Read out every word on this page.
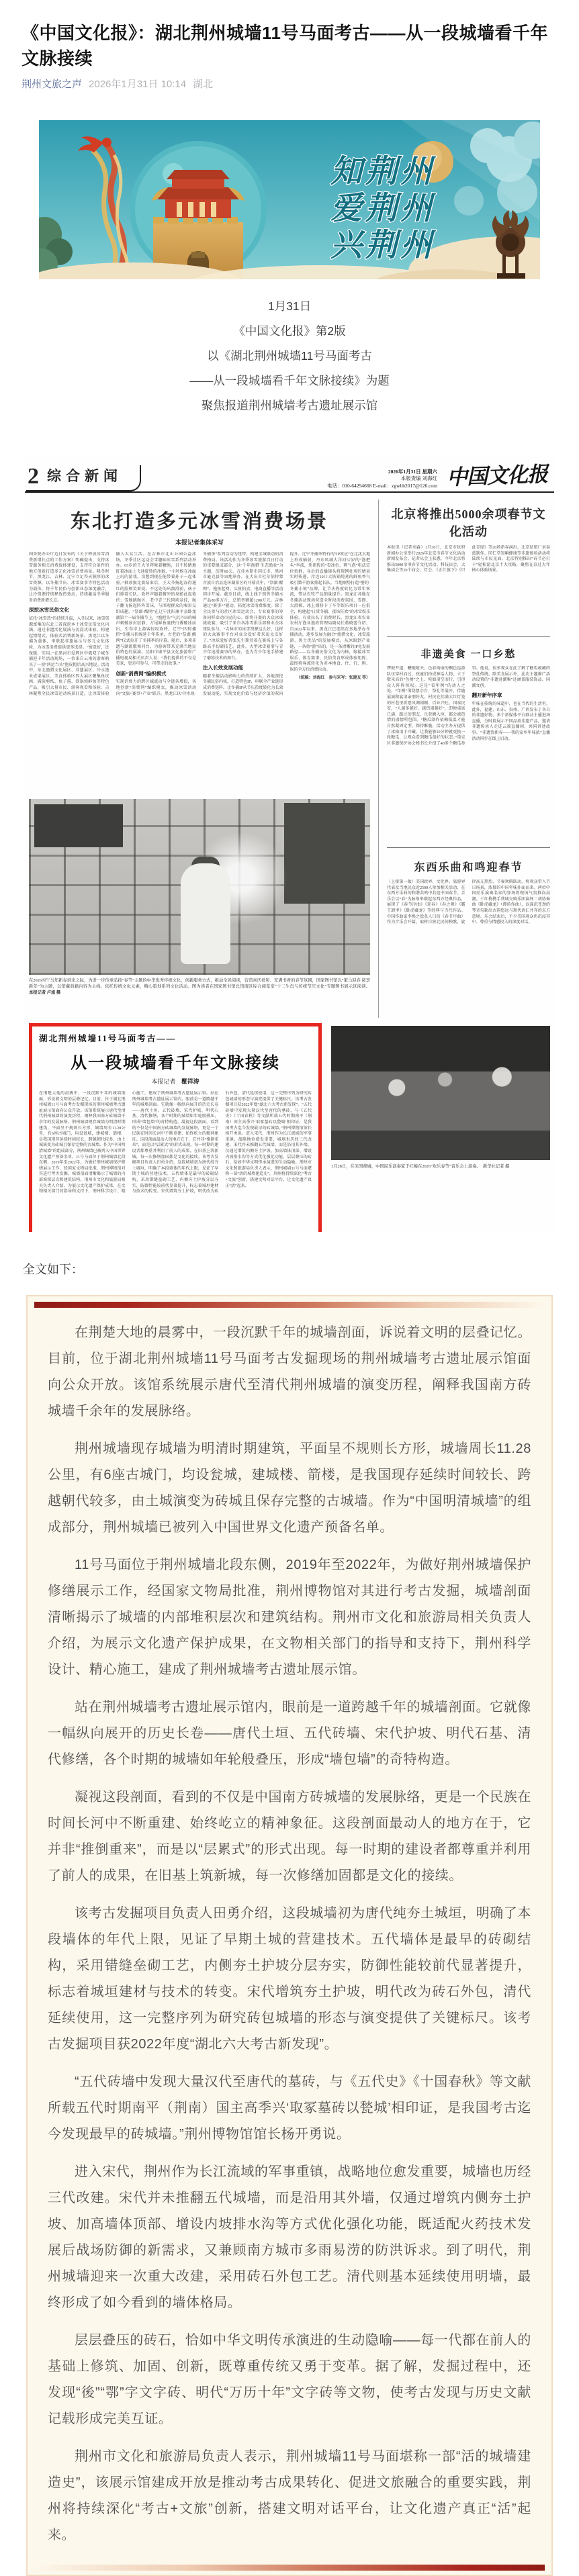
《中国文化报》：湖北荆州城墙11号马面考古——从一段城墙看千年文脉接续
荆州文旅之声 2026年1月31日 10:14 湖北
知荆州
爱荆州
兴荆州
1月31日
《中国文化报》第2版
以《湖北荆州城墙11号马面考古
——从一段城墙看千年文脉接续》为题
聚焦报道荆州城墙考古遗址展示馆
2 综合新闻	2026年1月31日 星期六
本版责编 刘海红
电话：010-64294668 E-mail：zgwhb2017@126.com 中国文化报
东北打造多元冰雪消费场景
本报记者集体采写
国务院办公厅近日发布的《关于释放冰雪消费新增长点的工作方案》明确提出，支持冰雪服务相关消费载体建设，支持符合条件的地方创新打造多元化冰雪消费场景。隆冬时节，黑龙江、吉林、辽宁立足得天独厚的冰雪资源，以冬捕节庆、冰雪赛事等特色活动为载体，将千年民俗与创新业态深度融合，让冷资源持续释放热效应，持续激活冬季服务消费新增长点。
深挖冰雪民俗文化
依托“冰雪热”的持续升温，入冬以来，冰雪资源富集的东北三省深挖本土冰雪民俗文化内涵，通过非遗活化展演与沉浸式体验，构建起情绪式、体验式消费新场景。黑龙江以冬捕为载体，串联起非遗展示与多元文化体验，为冰雪消费提供更多选择。“寓意好，还保暖，实用。”在黑河市爱辉区中俄双子城冬捕迎丰年活动现场，一位来自云南的游客购买了一顶“鸿运当头”狍皮帽后高兴地说。活动中，东北渔猎文化展区、非遗展区、冷水渔业成果展区、美食体验区四大展区聚集鱼皮画、满族剪纸、鱼子酱、铁锅炖鲜鱼等特色产品，吸引大量市民、游客观看和体验。吉林聚焦全民冰雪运动场景打造，让冰雪体验融入大众生活。在吉林市北山公园公益冰场，冬季社区运动会雪趣味冰雪系列活动举办。65岁的王大爷挥舞着鞭绳，目不转睛地盯着冰面上飞速旋转的冰猴，“小时候在冰面上玩的游戏，没想到现在能带着孙子一起体验。”抽冰猴比赛结束后，王大爷扬起冻得通红的脸颊笑着说。不远处的出溜滑前，孩子们排着长队，欢呼声随着俯冲的身影此起彼伏；雪地跳绳区，老中青三代同场竞技，绳子翻飞扬起阵阵雪沫，与围观群众的喝彩交织成趣。“祭湖·醒网”在辽宁沈阳康平县卧龙湖第十一届冬捕节上，“渔把头”气沉丹田的喊声刺破冰封寂静，万尾鲜鱼裹挟白雾破冰而出，引得岸上游客惊叹欢呼。辽宁“四时捕捞”冬捕习俗绵延千年传承，古老的“祭湖·醒网”仪式拉开了冬捕季的序幕。随后，多项非遗与潮流歌舞同台，为游客带来充满当地民俗特色的展演。沈阳市康平县文化旅游和广播电视局相关负责人说：“我们提供的不仅是美景，更是可参与、可带走的故事。”
创新“消费网”编织模式
实现消费力的跨区域流动与全链条增值，各地创新“消费网”编织模式，推动冰雪活动向“文旅+赛事+产业”跃升。黑龙江以“冷水鱼·冬捕季”系列活动为纽带，构建全域联动的消费格局。该活动作为冬季冰雪旅游百日行动的重要组成部分，以“千年渔猎 生态渔业”为主题，历时60天，在佳木斯市同江市、黑河市逊克县等19地举办。在大庆市杜尔伯特蒙古族自治县连环湖景区的开幕式中，“祭湖·醒网”、拖鱼起网、头鱼拍卖、电商直播等活动同步开展。截至目前，线上线下销售冬捕水产品80多万斤，总销售额超1200万元。吉林通过“赛事+”驱动，拓宽冰雪消费维度。除了全民参与的社区冰雪运动会，专业赛事的筹备同样牵动市民的心。即将开赛的大众冰球挑战赛，吸引了来自各冰雪俱乐部和业余冰球队参与。“吉林市的冰雪资源这么好，这样的大众赛事平台对业余爱好者来说太友好了。”冰球爱好者张先生期待着在赛场上与各路高手切磋技艺。此外，大型冰雪赛事与青少年速滑赛事的举办，也为青少年选手搭建了磨练技术的舞台。
注入长效发展动能
随着冬捕活动影响力的持续扩大，各地深挖冬捕民俗内核，打造特色IP，串联全产业链形成消费矩阵，让冬捕IP从节庆热度转化为长效发展动能，实现文化价值与经济价值的双向提升。辽宁冬捕季特有的“IP效应”在辽沈大地上形成辐射，丹东凤城大洋河57岁的“渔把头”李波，凭祖传的“看冰色、辨气泡”电法定位鱼群，身后的直播镜头将现网壮观的情景实时传递，岸边10口大铁锅炖煮的鲜鱼香气吸引数千游客排起长队。当地顺势打造“垂钓·冬捕小镇”品牌，让节庆热度转化为常年客流，带动农牧产品销量提升。黑龙江各地在冬捕活动现场营造全时段消费氛围，雪圈、大滑梯、冰上漂移卡丁车等娱乐项目一应俱全，构建起“日赏冬捕、夜场狂欢”的冰雪娱乐体验，有效拉长了消费时长。黑龙江省农业农村厅渔业渔政管理局副局长蒋晓蕾介绍，自2022年以来，黑龙江已连续在多地举办冬捕活动，逐步发展为融合“渔猎文化、冰雪旅游、黑土优品”的发展模式。从冰眼到产业链，一条鱼“游”出的，是一条清晰的IP化发展路径——以冬捕民俗文化为内核，嫁接冰雪娱乐、体育赛事、民俗美食形成体验矩阵，最终将客流转化为对本地食、住、行、购、娱的全方位消费拉动。
（统稿：刘海红　参与采写：张建友 等）
在2026丙午马年新春到来之际，为进一步传承弘扬“春节”主题的中华优秀传统文化，创新服务方式，推动全民阅读，营造喜庆祥和、充满书香的春节氛围，国家图书馆以“策马迎春 阅享新年”为主题，以馆藏典籍内容为主线，依托传统文化元素，精心策划系列文化活动。图为读者在国家图书馆总馆南区综合阅览室“十二生肖与传统节庆文化”专题图书展示区阅读。 本报记者 卢旭 摄
北京将推出5000余项春节文化活动
本报讯（记者刘淼）1月30日，北京市政府新闻办公室举行2026年北京市春节文化活动新闻发布会。记者从会上获悉，今年北京将推出5000余项春节文化活动。科技庙会、大集庙会等20个庙会、灯会，《正红旗下》《只此青绿》等20场新春演出，北京珐琅厂景泰蓝制作、同仁堂知嘛健康等非遗体验活动将陆续与市民见面。北京特别推出“春节必打卡”轻松游北京十大攻略，聚焦在京过大年核心体验场景。
非遗美食 一口乡愁
锣鼓开道，鞭炮喧天，色彩绚丽的飘色巡游队伍穿村而过，孩童们扮成神话人物，立于数米高的“色梗”之上，宛如凌空而行，引得众人阵阵惊叹。这是“看年例”的动人之处。“年例”围绕摆宗台、祭礼等展开，伴随展演和宴请亲朋好友。村民在挂满大红灯笼的村巷里祈愿风调雨顺、百业兴旺、国泰民安，“人越多越好，越热闹越好”，即便桌席已满，路过的朋友，凡登额入座，都会被热情的盛情所包围。“糖瓜制作依赖低温才能自然凝固定型、保持酥脆，活动主办方提供了冰箱用于冷藏，让我能够20分钟就更换一轮糖瓜，让观众看到糖瓜最好的状态。”策克区非遗保护协会秘书长介绍了40多个糖瓜参事。他说，很多观众在此了解了糖瓜蕴藏的祭灶传统。除美食展示外，此次主题推广活动设置的“非遗赶潮集”还涵盖服装饰品、国潮文创。
翻开新年序章
年味在传统的味道中，也在当代的生活里。此外，福建、山东、贵州、广西发布了各自的非遗好物。多个新媒体平台联动主播进场直播，分时段展示不同品类非遗产品，邀请非遗传承人走进云端直播间，共同讲述故事。“非遗贺新春——我的家乡年味浓”直播活动同步在线上启动。
东西乐曲和鸣迎春节
（上接第一版）美国政界、文化界、旅游界代表及当地民众近2500人参加相关活动，在东西方乐曲的和谐共鸣中共迎中国春节。音乐会以“春”为脉络串联起东西方经典作品，展现了《春节序曲》《迎春》《春之舞》《霸王卸甲》《卧虎藏龙》等经典与当代作品。中国作曲家李焕之脍炙人口的《春节序曲》作为音乐会开篇，取材自陕北民间秧歌，旋律高亢热烈、节奏欢腾跃动，将观众带入节日场景，浓郁的中国年味扑面而来。两位中国民乐演奏名家的登场将现场气氛推向高潮。于红梅携手费城交响乐团演绎二胡协奏曲《卧虎藏龙》（谭盾作曲），以深沉苍劲的琴音勾勒出古韵悠远与现代语汇并存的东方意境。乐会结束后，不少美国观众仍沉浸其中。尊重与情感投入的深度对话。
湖北荆州城墙11号马面考古——
从一段城墙看千年文脉接续
本报记者 瞿祥涛
在荆楚大地的晨雾中，一段沉默千年的城墙剖面，诉说着文明的层叠记忆。目前，位于湖北荆州城墙11号马面考古发掘现场的荆州城墙考古遗址展示馆面向公众开放。该馆系统展示唐代至清代荆州城墙的演变历程，阐释我国南方砖城墙千余年的发展脉络。荆州城墙现存城墙为明清时期建筑，平面呈不规则长方形，城墙周长11.28公里，有6座古城门，均设瓮城，建城楼、箭楼，是我国现存延续时间较长、跨越朝代较多，由土城演变为砖城且保存完整的古城墙。作为“中国明清城墙”的组成部分，荆州城墙已被列入中国世界文化遗产预备名单。11号马面位于荆州城墙北段东侧，2019年至2022年，为做好荆州城墙保护修缮展示工作，经国家文物局批准，荆州博物馆对其进行考古发掘，城墙剖面清晰揭示了城墙的内部堆积层次和建筑结构。荆州市文化和旅游局相关负责人介绍，为展示文化遗产保护成果，在文物相关部门的指导和支持下，荆州科学设计、精心施工，建成了荆州城墙考古遗址展示馆。站在荆州城墙考古遗址展示馆内，眼前是一道跨越千年的城墙剖面。它就像一幅纵向展开的历史长卷——唐代土垣、五代砖墙、宋代护坡、明代石基、清代修缮，各个时期的城墙如年轮般叠压，形成“墙包墙”的奇特构造。凝视这段剖面，看到的不仅是中国南方砖城墙的发展脉络，更是一个民族在时间长河中不断重建、始终屹立的精神象征。这段剖面最动人的地方在于，它并非“推倒重来”，而是以“层累式”的形式出现。每一时期的建设者都尊重并利用了前人的成果，在旧基上筑新城，每一次修缮加固都是文化的接续。该考古发掘项目负责人田勇介绍，这段城墙初为唐代纯夯土城垣，明确了本段墙体的年代上限，见证了早期土城的营建技术。五代墙体是最早的砖砌结构，采用错缝垒砌工艺，内侧夯土护坡分层夯实，防御性能较前代显著提升，标志着城垣建材与技术的转变。宋代增筑夯土护坡，明代改为砖石外包，清代延续使用，这一完整序列为研究砖包城墙的形态与演变提供了关键标尺。该考古发掘项目获2022年度“湖北六大考古新发现”。“五代砖墙中发现大量汉代至唐代的墓砖，与《五代史》《十国春秋》等文献所载五代时期南平（荆南）国主高季兴‘取冢墓砖以甃城’相印证，是我国考古迄今发现最早的砖城墙。”荆州博物馆馆长杨开勇说。进入宋代，荆州作为长江流域的军事重镇，战略地位愈发重要，城墙也历经三代改建。宋代并未推翻五代城墙，而是沿用其外墙，仅通过增筑内侧夯土护坡、加高墙体顶部、增设内坡排水沟等方式优化强化功能。层层叠压的砖石，恰如中华文明传承演进的生动隐喻。荆州市文化和旅游局负责人表示，荆州城墙11号马面堪称一部“活的城墙建造史”，荆州将持续深化“考古+文旅”创新，搭建文明对话平台，让文化遗产真正“活”起来。
1月28日，在美国费城，中国民乐演奏家于红梅在2026“欢乐春节”音乐会上演奏。　新华社记者 摄
全文如下：

在荆楚大地的晨雾中，一段沉默千年的城墙剖面，诉说着文明的层叠记忆。目前，位于湖北荆州城墙11号马面考古发掘现场的荆州城墙考古遗址展示馆面向公众开放。该馆系统展示唐代至清代荆州城墙的演变历程，阐释我国南方砖城墙千余年的发展脉络。

荆州城墙现存城墙为明清时期建筑，平面呈不规则长方形，城墙周长11.28公里，有6座古城门，均设瓮城，建城楼、箭楼，是我国现存延续时间较长、跨越朝代较多，由土城演变为砖城且保存完整的古城墙。作为“中国明清城墙”的组成部分，荆州城墙已被列入中国世界文化遗产预备名单。

11号马面位于荆州城墙北段东侧，2019年至2022年，为做好荆州城墙保护修缮展示工作，经国家文物局批准，荆州博物馆对其进行考古发掘，城墙剖面清晰揭示了城墙的内部堆积层次和建筑结构。荆州市文化和旅游局相关负责人介绍，为展示文化遗产保护成果，在文物相关部门的指导和支持下，荆州科学设计、精心施工，建成了荆州城墙考古遗址展示馆。

站在荆州城墙考古遗址展示馆内，眼前是一道跨越千年的城墙剖面。它就像一幅纵向展开的历史长卷——唐代土垣、五代砖墙、宋代护坡、明代石基、清代修缮，各个时期的城墙如年轮般叠压，形成“墙包墙”的奇特构造。

凝视这段剖面，看到的不仅是中国南方砖城墙的发展脉络，更是一个民族在时间长河中不断重建、始终屹立的精神象征。这段剖面最动人的地方在于，它并非“推倒重来”，而是以“层累式”的形式出现。每一时期的建设者都尊重并利用了前人的成果，在旧基上筑新城，每一次修缮加固都是文化的接续。

该考古发掘项目负责人田勇介绍，这段城墙初为唐代纯夯土城垣，明确了本段墙体的年代上限，见证了早期土城的营建技术。五代墙体是最早的砖砌结构，采用错缝垒砌工艺，内侧夯土护坡分层夯实，防御性能较前代显著提升，标志着城垣建材与技术的转变。宋代增筑夯土护坡，明代改为砖石外包，清代延续使用，这一完整序列为研究砖包城墙的形态与演变提供了关键标尺。该考古发掘项目获2022年度“湖北六大考古新发现”。

“五代砖墙中发现大量汉代至唐代的墓砖，与《五代史》《十国春秋》等文献所载五代时期南平（荆南）国主高季兴‘取冢墓砖以甃城’相印证，是我国考古迄今发现最早的砖城墙。”荆州博物馆馆长杨开勇说。

进入宋代，荆州作为长江流域的军事重镇，战略地位愈发重要，城墙也历经三代改建。宋代并未推翻五代城墙，而是沿用其外墙，仅通过增筑内侧夯土护坡、加高墙体顶部、增设内坡排水沟等方式优化强化功能，既适配火药技术发展后战场防御的新需求，又兼顾南方城市多雨易涝的防洪诉求。到了明代，荆州城墙迎来一次重大改建，采用砖石外包工艺。清代则基本延续使用明墙，最终形成了如今看到的墙体格局。

层层叠压的砖石，恰如中华文明传承演进的生动隐喻——每一代都在前人的基础上修筑、加固、创新，既尊重传统又勇于变革。据了解，发掘过程中，还发现“後”“鄂”字文字砖、明代“万历十年”文字砖等文物，使考古发现与历史文献记载形成完美互证。

荆州市文化和旅游局负责人表示，荆州城墙11号马面堪称一部“活的城墙建造史”，该展示馆建成开放是推动考古成果转化、促进文旅融合的重要实践，荆州将持续深化“考古+文旅”创新，搭建文明对话平台，让文化遗产真正“活”起来。
